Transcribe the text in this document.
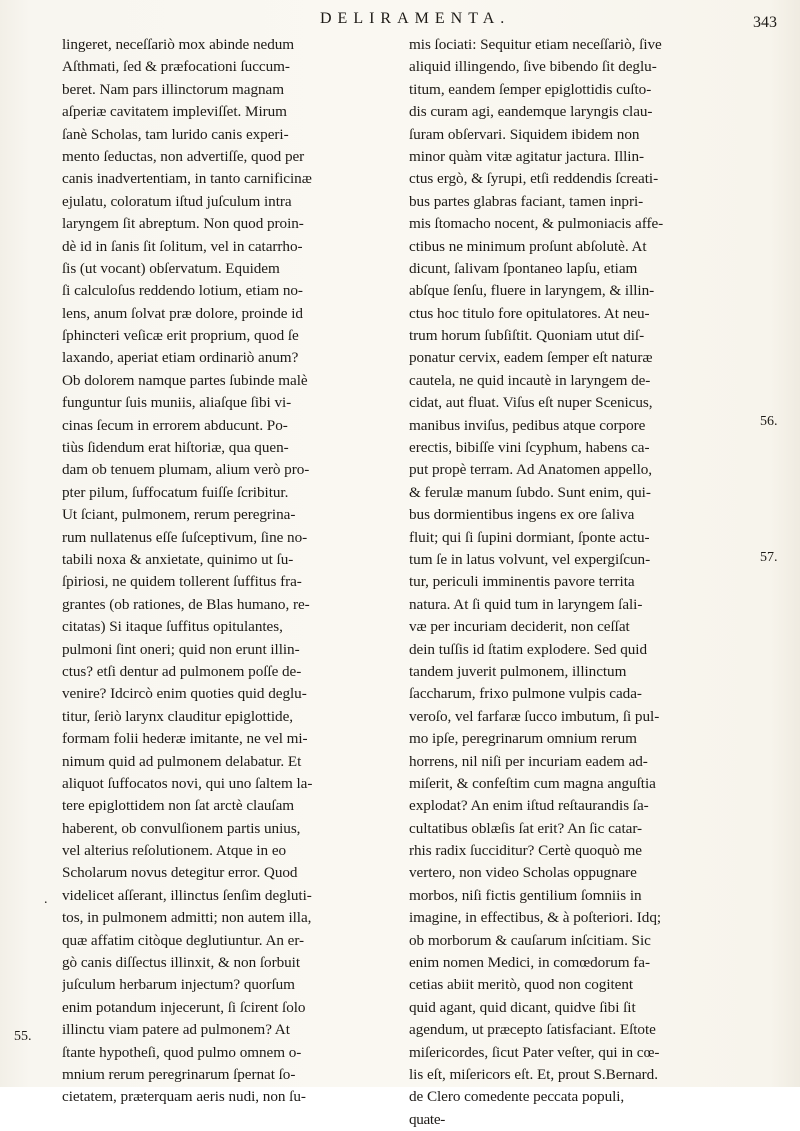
DELIRAMENTA.	343
lingeret, neceſſariò mox abinde nedum
Aſthmati, ſed & præfocationi ſuccum-
beret. Nam pars illinctorum magnam
aſperiæ cavitatem impleviſſet. Mirum
ſanè Scholas, tam lurido canis experi-
mento ſeductas, non advertiſſe, quod per
canis inadvertentiam, in tanto carnificinæ
ejulatu, coloratum iſtud juſculum intra
laryngem ſit abreptum. Non quod proin-
dè id in ſanis ſit ſolitum, vel in catarrho-
ſis (ut vocant) obſervatum. Equidem
ſi calculoſus reddendo lotium, etiam no-
lens, anum ſolvat præ dolore, proinde id
ſphincteri veſicæ erit proprium, quod ſe
laxando, aperiat etiam ordinariò anum?
Ob dolorem namque partes ſubinde malè
funguntur ſuis muniis, aliaſque ſibi vi-
cinas ſecum in errorem abducunt. Po-
tiùs ſidendum erat hiſtoriæ, qua quen-
dam ob tenuem plumam, alium verò pro-
pter pilum, ſuffocatum fuiſſe ſcribitur.
Ut ſciant, pulmonem, rerum peregrina-
rum nullatenus eſſe ſuſceptivum, ſine no-
tabili noxa & anxietate, quinimo ut ſu-
ſpiriosi, ne quidem tollerent ſuffitus fra-
grantes (ob rationes, de Blas humano, re-
citatas) Si itaque ſuffitus opitulantes,
pulmoni ſint oneri; quid non erunt illin-
ctus? etſi dentur ad pulmonem poſſe de-
venire? Idcircò enim quoties quid deglu-
titur, ſeriò larynx clauditur epiglottide,
formam folii hederæ imitante, ne vel mi-
nimum quid ad pulmonem delabatur. Et
aliquot ſuffocatos novi, qui uno ſaltem la-
tere epiglottidem non ſat arctè clauſam
haberent, ob convulſionem partis unius,
vel alterius reſolutionem. Atque in eo
Scholarum novus detegitur error. Quod
videlicet aſſerant, illinctus ſenſim degluti-
tos, in pulmonem admitti; non autem illa,
quæ affatim citòque deglutiuntur. An er-
gò canis diſſectus illinxit, & non ſorbuit
juſculum herbarum injectum? quorſum
enim potandum injecerunt, ſi ſcirent ſolo
illinctu viam patere ad pulmonem? At
ſtante hypotheſi, quod pulmo omnem o-
mnium rerum peregrinarum ſpernat ſo-
cietatem, præterquam aeris nudi, non ſu-
mis ſociati: Sequitur etiam neceſſariò, ſive
aliquid illingendo, ſive bibendo ſit deglu-
titum, eandem ſemper epiglottidis cuſto-
dis curam agi, eandemque laryngis clau-
ſuram obſervari. Siquidem ibidem non
minor quàm vitæ agitatur jactura. Illin-
ctus ergò, & ſyrupi, etſi reddendis ſcreati-
bus partes glabras faciant, tamen inpri-
mis ſtomacho nocent, & pulmoniacis affe-
ctibus ne minimum proſunt abſolutè. At
dicunt, ſalivam ſpontaneo lapſu, etiam
abſque ſenſu, fluere in laryngem, & illin-
ctus hoc titulo fore opitulatores. At neu-
trum horum ſubſiſtit. Quoniam utut diſ-
ponatur cervix, eadem ſemper eſt naturæ
cautela, ne quid incautè in laryngem de-
cidat, aut fluat. Viſus eſt nuper Scenicus,
manibus inviſus, pedibus atque corpore
erectis, bibiſſe vini ſcyphum, habens ca-
put propè terram. Ad Anatomen appello,
& ferulæ manum ſubdo. Sunt enim, qui-
bus dormientibus ingens ex ore ſaliva
fluit; qui ſi ſupini dormiant, ſponte actu-
tum ſe in latus volvunt, vel expergiſcun-
tur, periculi imminentis pavore territa
natura. At ſi quid tum in laryngem ſali-
væ per incuriam deciderit, non ceſſat
dein tuſſis id ſtatim explodere. Sed quid
tandem juverit pulmonem, illinctum
ſaccharum, frixo pulmone vulpis cada-
veroſo, vel farfaræ ſucco imbutum, ſi pul-
mo ipſe, peregrinarum omnium rerum
horrens, nil niſi per incuriam eadem ad-
miſerit, & confeſtim cum magna anguſtia
explodat? An enim iſtud reſtaurandis ſa-
cultatibus oblæſis ſat erit? An ſic catar-
rhis radix ſucciditur? Certè quoquò me
vertero, non video Scholas oppugnare
morbos, niſi fictis gentilium ſomniis in
imagine, in effectibus, & à poſteriori. Idq;
ob morborum & cauſarum inſcitiam. Sic
enim nomen Medici, in comœdorum fa-
cetias abiit meritò, quod non cogitent
quid agant, quid dicant, quidve ſibi ſit
agendum, ut præcepto ſatisfaciant. Eſtote
miſericordes, ſicut Pater veſter, qui in cœ-
lis eſt, miſericors eſt. Et, prout S.Bernard.
de Clero comedente peccata populi,
quate-
55.
56.
57.
.
